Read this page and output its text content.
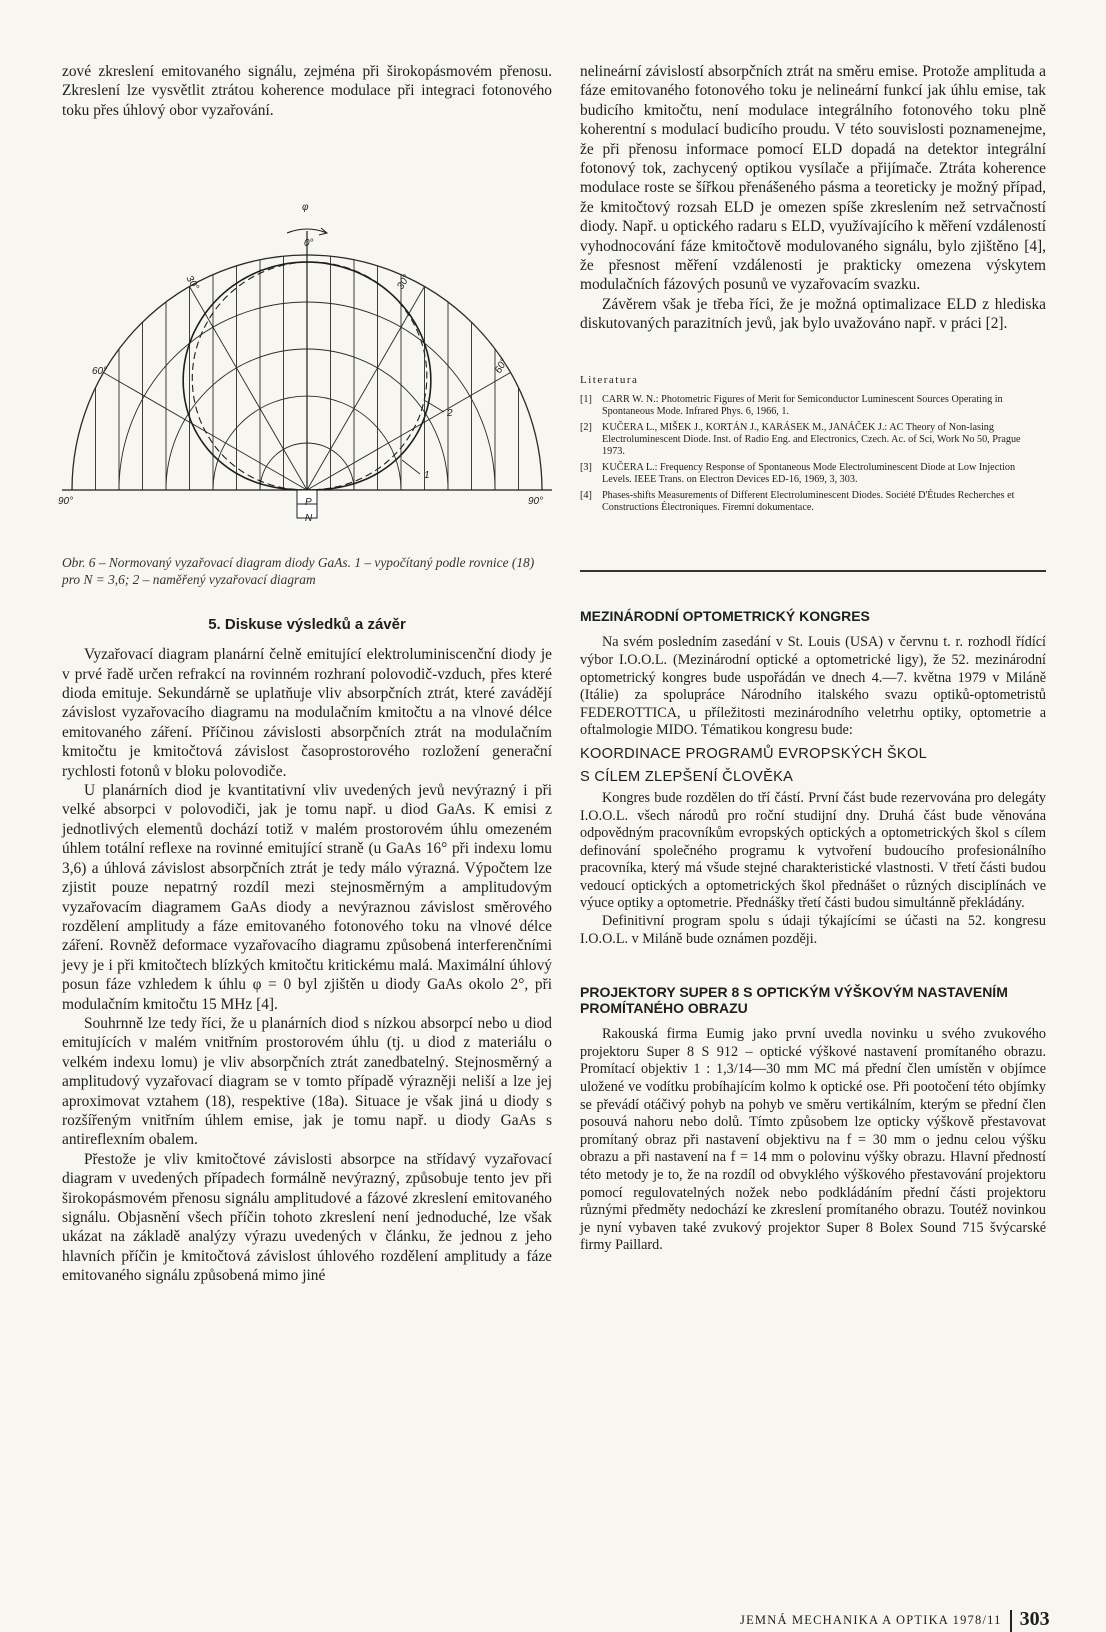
zové zkreslení emitovaného signálu, zejména při širokopásmovém přenosu. Zkreslení lze vysvětlit ztrátou koherence modulace při integraci fotonového toku přes úhlový obor vyzařování.

φ
0°
30°	30°
60°	60°
90°	90°
1
2
P
N
Obr. 6 – Normovaný vyzařovací diagram diody GaAs. 1 – vypočítaný podle rovnice (18) pro N = 3,6; 2 – naměřený vyzařovací diagram
5. Diskuse výsledků a závěr

Vyzařovací diagram planární čelně emitující elektroluminiscenční diody je v prvé řadě určen refrakcí na rovinném rozhraní polovodič-vzduch, přes které dioda emituje. Sekundárně se uplatňuje vliv absorpčních ztrát, které zavádějí závislost vyzařovacího diagramu na modulačním kmitočtu a na vlnové délce emitovaného záření. Příčinou závislosti absorpčních ztrát na modulačním kmitočtu je kmitočtová závislost časoprostorového rozložení generační rychlosti fotonů v bloku polovodiče.

U planárních diod je kvantitativní vliv uvedených jevů nevýrazný i při velké absorpci v polovodiči, jak je tomu např. u diod GaAs. K emisi z jednotlivých elementů dochází totiž v malém prostorovém úhlu omezeném úhlem totální reflexe na rovinné emitující straně (u GaAs 16° při indexu lomu 3,6) a úhlová závislost absorpčních ztrát je tedy málo výrazná. Výpočtem lze zjistit pouze nepatrný rozdíl mezi stejnosměrným a amplitudovým vyzařovacím diagramem GaAs diody a nevýraznou závislost směrového rozdělení amplitudy a fáze emitovaného fotonového toku na vlnové délce záření. Rovněž deformace vyzařovacího diagramu způsobená interferenčními jevy je i při kmitočtech blízkých kmitočtu kritickému malá. Maximální úhlový posun fáze vzhledem k úhlu φ = 0 byl zjištěn u diody GaAs okolo 2°, při modulačním kmitočtu 15 MHz [4].

Souhrnně lze tedy říci, že u planárních diod s nízkou absorpcí nebo u diod emitujících v malém vnitřním prostorovém úhlu (tj. u diod z materiálu o velkém indexu lomu) je vliv absorpčních ztrát zanedbatelný. Stejnosměrný a amplitudový vyzařovací diagram se v tomto případě výrazněji neliší a lze jej aproximovat vztahem (18), respektive (18a). Situace je však jiná u diody s rozšířeným vnitřním úhlem emise, jak je tomu např. u diody GaAs s antireflexním obalem.

Přestože je vliv kmitočtové závislosti absorpce na střídavý vyzařovací diagram v uvedených případech formálně nevýrazný, způsobuje tento jev při širokopásmovém přenosu signálu amplitudové a fázové zkreslení emitovaného signálu. Objasnění všech příčin tohoto zkreslení není jednoduché, lze však ukázat na základě analýzy výrazu uvedených v článku, že jednou z jeho hlavních příčin je kmitočtová závislost úhlového rozdělení amplitudy a fáze emitovaného signálu způsobená mimo jiné

nelineární závislostí absorpčních ztrát na směru emise. Protože amplituda a fáze emitovaného fotonového toku je nelineární funkcí jak úhlu emise, tak budicího kmitočtu, není modulace integrálního fotonového toku plně koherentní s modulací budicího proudu. V této souvislosti poznamenejme, že při přenosu informace pomocí ELD dopadá na detektor integrální fotonový tok, zachycený optikou vysílače a přijímače. Ztráta koherence modulace roste se šířkou přenášeného pásma a teoreticky je možný případ, že kmitočtový rozsah ELD je omezen spíše zkreslením než setrvačností diody. Např. u optického radaru s ELD, využívajícího k měření vzdáleností vyhodnocování fáze kmitočtově modulovaného signálu, bylo zjištěno [4], že přesnost měření vzdálenosti je prakticky omezena výskytem modulačních fázových posunů ve vyzařovacím svazku.

Závěrem však je třeba říci, že je možná optimalizace ELD z hlediska diskutovaných parazitních jevů, jak bylo uvažováno např. v práci [2].

Literatura
[1] CARR W. N.: Photometric Figures of Merit for Semiconductor Luminescent Sources Operating in Spontaneous Mode. Infrared Phys. 6, 1966, 1.
[2] KUČERA L., MIŠEK J., KORTÁN J., KARÁSEK M., JANÁČEK J.: AC Theory of Non-lasing Electroluminescent Diode. Inst. of Radio Eng. and Electronics, Czech. Ac. of Sci, Work No 50, Prague 1973.
[3] KUČERA L.: Frequency Response of Spontaneous Mode Electroluminescent Diode at Low Injection Levels. IEEE Trans. on Electron Devices ED-16, 1969, 3, 303.
[4] Phases-shifts Measurements of Different Electroluminescent Diodes. Société D'Études Recherches et Constructions Électroniques. Firemní dokumentace.
MEZINÁRODNÍ OPTOMETRICKÝ KONGRES

Na svém posledním zasedání v St. Louis (USA) v červnu t. r. rozhodl řídící výbor I.O.O.L. (Mezinárodní optické a optometrické ligy), že 52. mezinárodní optometrický kongres bude uspořádán ve dnech 4.—7. května 1979 v Miláně (Itálie) za spolupráce Národního italského svazu optiků-optometristů FEDEROTTICA, u příležitosti mezinárodního veletrhu optiky, optometrie a oftalmologie MIDO. Tématikou kongresu bude:

KOORDINACE PROGRAMŮ EVROPSKÝCH ŠKOL
S CÍLEM ZLEPŠENÍ ČLOVĚKA

Kongres bude rozdělen do tří částí. První část bude rezervována pro delegáty I.O.O.L. všech národů pro roční studijní dny. Druhá část bude věnována odpovědným pracovníkům evropských optických a optometrických škol s cílem definování společného programu k vytvoření budoucího profesionálního pracovníka, který má všude stejné charakteristické vlastnosti. V třetí části budou vedoucí optických a optometrických škol přednášet o různých disciplínách ve výuce optiky a optometrie. Přednášky třetí části budou simultánně překládány.

Definitivní program spolu s údaji týkajícími se účasti na 52. kongresu I.O.O.L. v Miláně bude oznámen později.

PROJEKTORY SUPER 8 S OPTICKÝM VÝŠKOVÝM NASTAVENÍM PROMÍTANÉHO OBRAZU

Rakouská firma Eumig jako první uvedla novinku u svého zvukového projektoru Super 8 S 912 – optické výškové nastavení promítaného obrazu. Promítací objektiv 1 : 1,3/14—30 mm MC má přední člen umístěn v objímce uložené ve vodítku probíhajícím kolmo k optické ose. Při pootočení této objímky se převádí otáčivý pohyb na pohyb ve směru vertikálním, kterým se přední člen posouvá nahoru nebo dolů. Tímto způsobem lze opticky výškově přestavovat promítaný obraz při nastavení objektivu na f = 30 mm o jednu celou výšku obrazu a při nastavení na f = 14 mm o polovinu výšky obrazu. Hlavní předností této metody je to, že na rozdíl od obvyklého výškového přestavování projektoru pomocí regulovatelných nožek nebo podkládáním přední části projektoru různými předměty nedochází ke zkreslení promítaného obrazu. Toutéž novinkou je nyní vybaven také zvukový projektor Super 8 Bolex Sound 715 švýcarské firmy Paillard.

JEMNÁ MECHANIKA A OPTIKA 1978/11 303
